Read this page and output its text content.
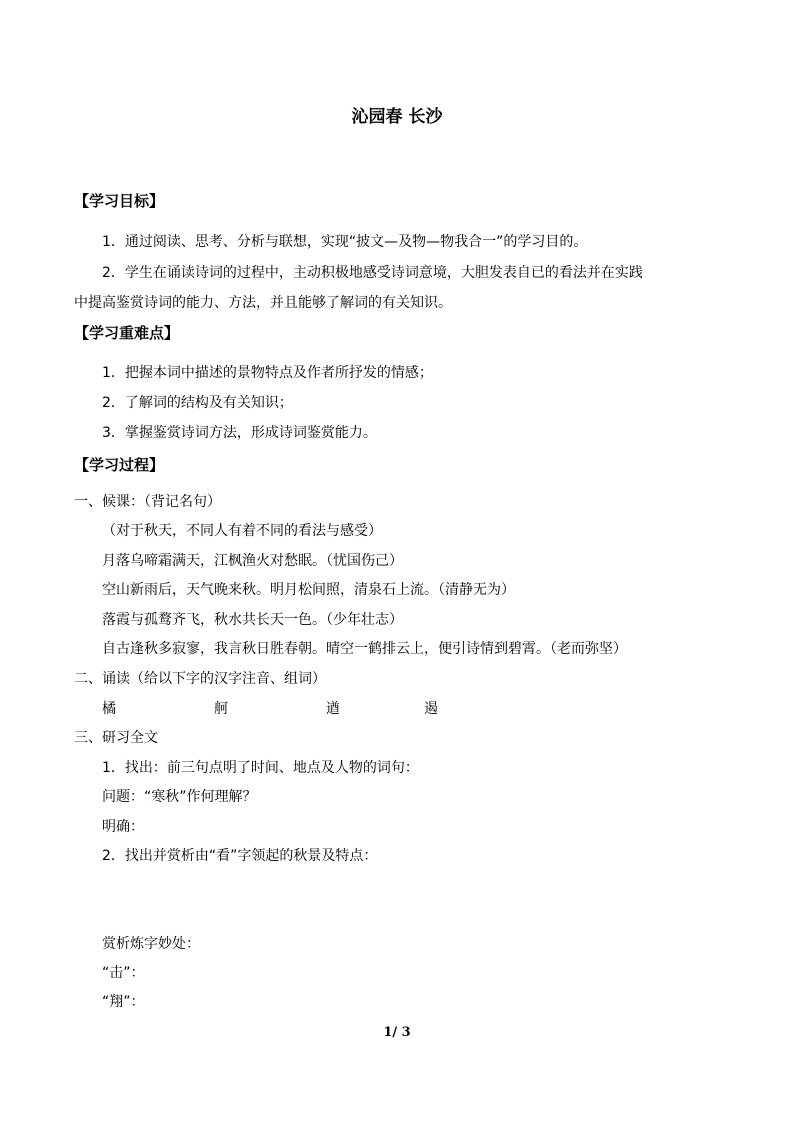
沁园春 长沙
【学习目标】
1．通过阅读、思考、分析与联想，实现“披文—及物—物我合一”的学习目的。
2．学生在诵读诗词的过程中，主动积极地感受诗词意境，大胆发表自已的看法并在实践
中提高鉴赏诗词的能力、方法，并且能够了解词的有关知识。
【学习重难点】
1．把握本词中描述的景物特点及作者所抒发的情感；
2．了解词的结构及有关知识；
3．掌握鉴赏诗词方法，形成诗词鉴赏能力。
【学习过程】
一、候课：（背记名句）
（对于秋天，不同人有着不同的看法与感受）
月落乌啼霜满天，江枫渔火对愁眠。（忧国伤己）
空山新雨后，天气晚来秋。明月松间照，清泉石上流。（清静无为）
落霞与孤鹜齐飞，秋水共长天一色。（少年壮志）
自古逢秋多寂寥，我言秋日胜春朝。晴空一鹤排云上，便引诗情到碧霄。（老而弥坚）
二、诵读（给以下字的汉字注音、组词）
橘	舸	遒	遏
三、研习全文
1．找出：前三句点明了时间、地点及人物的词句：
问题：“寒秋”作何理解？
明确：
2．找出并赏析由“看”字领起的秋景及特点：
赏析炼字妙处：
“击”：
“翔”：
1/ 3
